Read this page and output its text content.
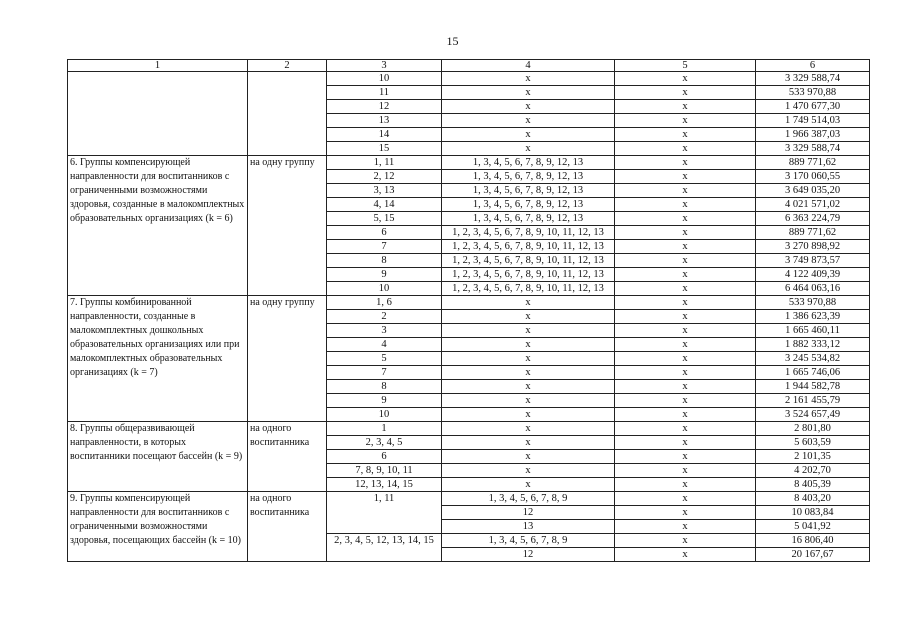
15
1	2	3	4	5	6
		10	x	x	3 329 588,74
		11	x	x	533 970,88
		12	x	x	1 470 677,30
		13	x	x	1 749 514,03
		14	x	x	1 966 387,03
		15	x	x	3 329 588,74
6. Группы компенсирующей направленности для воспитанников с ограниченными возможностями здоровья, созданные в малокомплектных образовательных организациях (k = 6)	на одну группу	1, 11	1, 3, 4, 5, 6, 7, 8, 9, 12, 13	x	889 771,62
		2, 12	1, 3, 4, 5, 6, 7, 8, 9, 12, 13	x	3 170 060,55
		3, 13	1, 3, 4, 5, 6, 7, 8, 9, 12, 13	x	3 649 035,20
		4, 14	1, 3, 4, 5, 6, 7, 8, 9, 12, 13	x	4 021 571,02
		5, 15	1, 3, 4, 5, 6, 7, 8, 9, 12, 13	x	6 363 224,79
		6	1, 2, 3, 4, 5, 6, 7, 8, 9, 10, 11, 12, 13	x	889 771,62
		7	1, 2, 3, 4, 5, 6, 7, 8, 9, 10, 11, 12, 13	x	3 270 898,92
		8	1, 2, 3, 4, 5, 6, 7, 8, 9, 10, 11, 12, 13	x	3 749 873,57
		9	1, 2, 3, 4, 5, 6, 7, 8, 9, 10, 11, 12, 13	x	4 122 409,39
		10	1, 2, 3, 4, 5, 6, 7, 8, 9, 10, 11, 12, 13	x	6 464 063,16
7. Группы комбинированной направленности, созданные в малокомплектных дошкольных образовательных организациях или при малокомплектных образовательных организациях (k = 7)	на одну группу	1, 6	x	x	533 970,88
		2	x	x	1 386 623,39
		3	x	x	1 665 460,11
		4	x	x	1 882 333,12
		5	x	x	3 245 534,82
		7	x	x	1 665 746,06
		8	x	x	1 944 582,78
		9	x	x	2 161 455,79
		10	x	x	3 524 657,49
8. Группы общеразвивающей направленности, в которых воспитанники посещают бассейн (k = 9)	на одного воспитанника	1	x	x	2 801,80
		2, 3, 4, 5	x	x	5 603,59
		6	x	x	2 101,35
		7, 8, 9, 10, 11	x	x	4 202,70
		12, 13, 14, 15	x	x	8 405,39
9. Группы компенсирующей направленности для воспитанников с ограниченными возможностями здоровья, посещающих бассейн (k = 10)	на одного воспитанника	1, 11	1, 3, 4, 5, 6, 7, 8, 9	x	8 403,20
			12	x	10 083,84
			13	x	5 041,92
		2, 3, 4, 5, 12, 13, 14, 15	1, 3, 4, 5, 6, 7, 8, 9	x	16 806,40
			12	x	20 167,67
